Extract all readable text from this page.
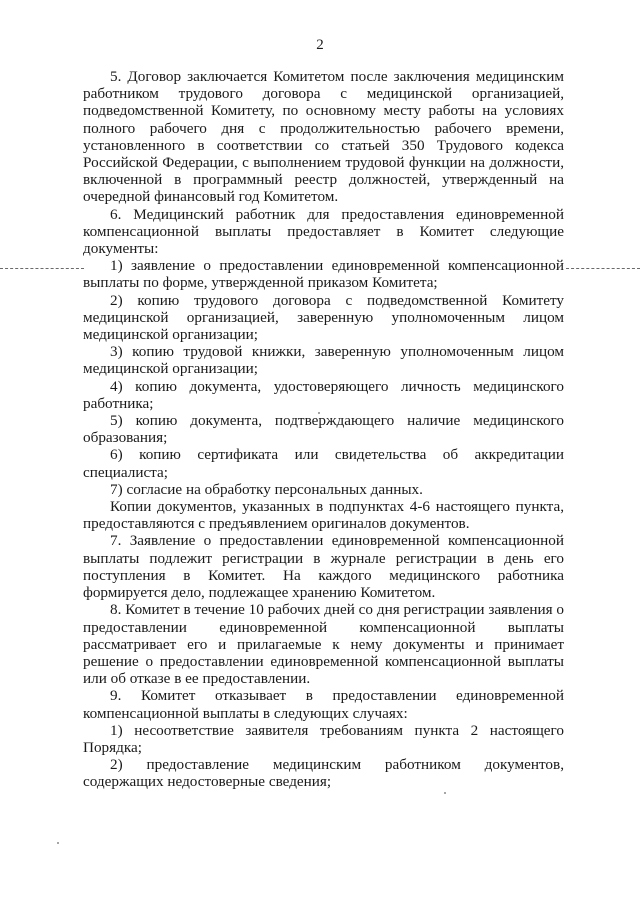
2

5. Договор заключается Комитетом после заключения медицинским работником трудового договора с медицинской организацией, подведомственной Комитету, по основному месту работы на условиях полного рабочего дня с продолжительностью рабочего времени, установленного в соответствии со статьей 350 Трудового кодекса Российской Федерации, с выполнением трудовой функции на должности, включенной в программный реестр должностей, утвержденный на очередной финансовый год Комитетом.

6. Медицинский работник для предоставления единовременной компенсационной выплаты предоставляет в Комитет следующие документы:

1) заявление о предоставлении единовременной компенсационной выплаты по форме, утвержденной приказом Комитета;

2) копию трудового договора с подведомственной Комитету медицинской организацией, заверенную уполномоченным лицом медицинской организации;

3) копию трудовой книжки, заверенную уполномоченным лицом медицинской организации;

4) копию документа, удостоверяющего личность медицинского работника;

5) копию документа, подтверждающего наличие медицинского образования;

6) копию сертификата или свидетельства об аккредитации специалиста;

7) согласие на обработку персональных данных.

Копии документов, указанных в подпунктах 4-6 настоящего пункта, предоставляются с предъявлением оригиналов документов.

7. Заявление о предоставлении единовременной компенсационной выплаты подлежит регистрации в журнале регистрации в день его поступления в Комитет. На каждого медицинского работника формируется дело, подлежащее хранению Комитетом.

8. Комитет в течение 10 рабочих дней со дня регистрации заявления о предоставлении единовременной компенсационной выплаты рассматривает его и прилагаемые к нему документы и принимает решение о предоставлении единовременной компенсационной выплаты или об отказе в ее предоставлении.

9. Комитет отказывает в предоставлении единовременной компенсационной выплаты в следующих случаях:

1) несоответствие заявителя требованиям пункта 2 настоящего Порядка;

2) предоставление медицинским работником документов, содержащих недостоверные сведения;
